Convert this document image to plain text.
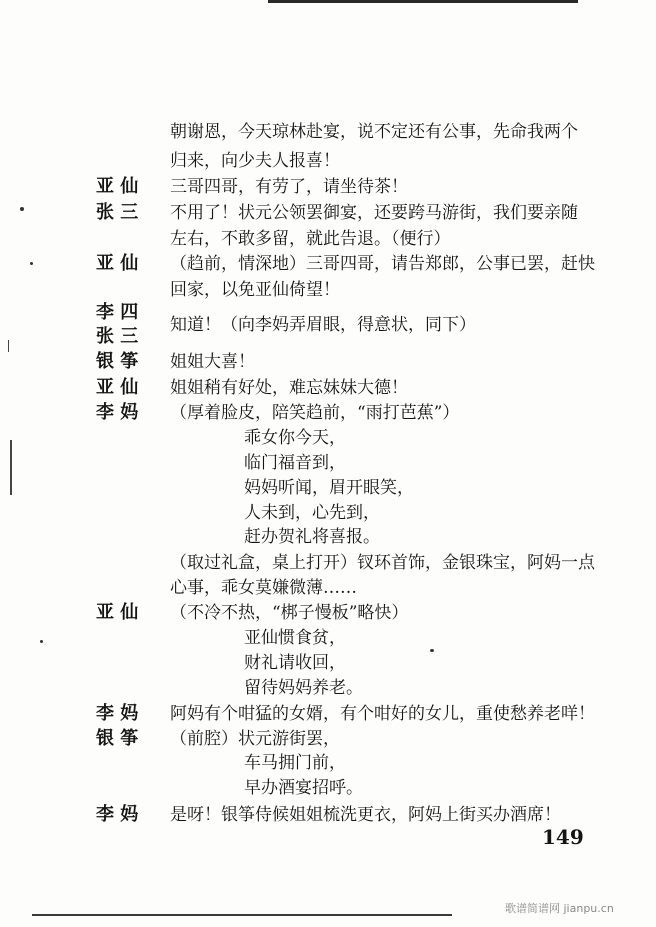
朝谢恩，今天琼林赴宴，说不定还有公事，先命我两个
归来，向少夫人报喜！
亚 仙 三哥四哥，有劳了，请坐待茶！
张 三 不用了！状元公领罢御宴，还要跨马游街，我们要亲随
左右，不敢多留，就此告退。（便行）
亚 仙 （趋前，情深地）三哥四哥，请告郑郎，公事已罢，赶快
回家，以免亚仙倚望！
李 四
张 三
知道！（向李妈弄眉眼，得意状，同下）
银 筝 姐姐大喜！
亚 仙 姐姐稍有好处，难忘妹妹大德！
李 妈 （厚着脸皮，陪笑趋前，“雨打芭蕉”）
乖女你今天，
临门福音到，
妈妈听闻，眉开眼笑，
人未到，心先到，
赶办贺礼将喜报。
（取过礼盒，桌上打开）钗环首饰，金银珠宝，阿妈一点
心事，乖女莫嫌微薄……
亚 仙 （不冷不热，“梆子慢板”略快）
亚仙惯食贫，
财礼请收回，
留待妈妈养老。
李 妈 阿妈有个咁猛的女婿，有个咁好的女儿，重使愁养老咩！
银 筝 （前腔）状元游街罢，
车马拥门前，
早办酒宴招呼。
李 妈 是呀！银筝侍候姐姐梳洗更衣，阿妈上街买办酒席！
149
歌谱简谱网 jianpu.cn
